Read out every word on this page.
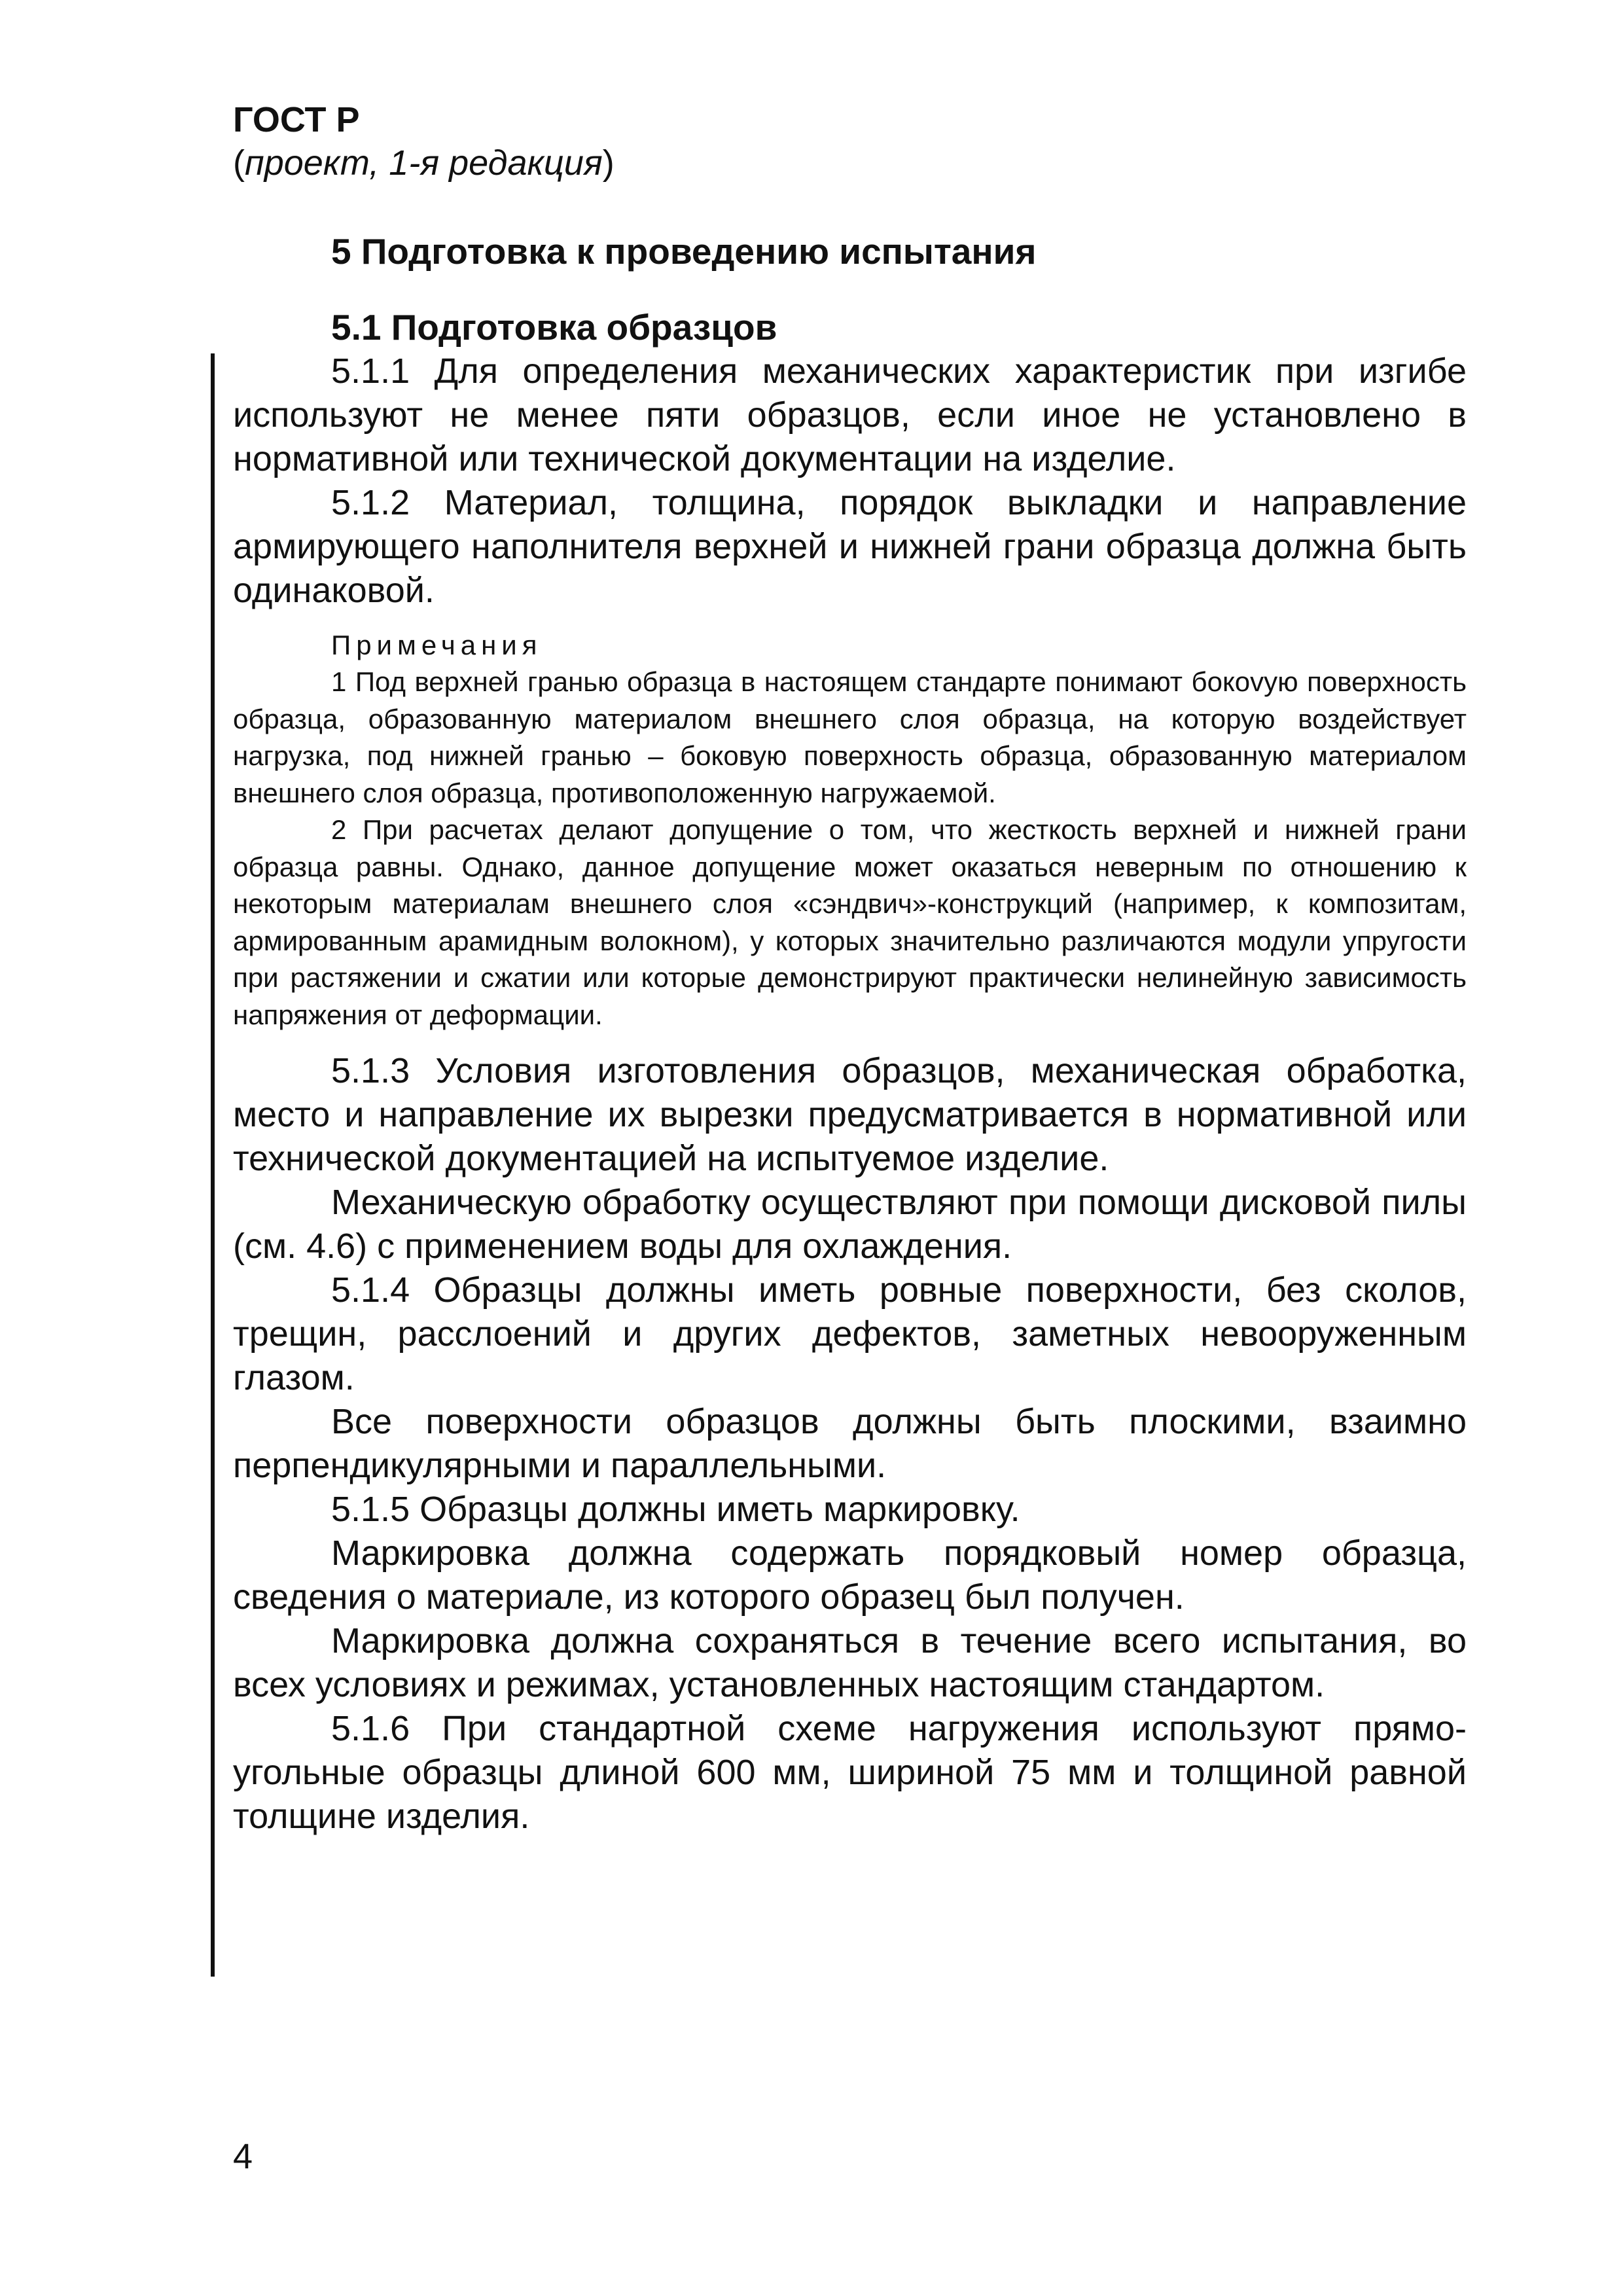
ГОСТ Р
(проект, 1-я редакция)
5 Подготовка к проведению испытания
5.1 Подготовка образцов

5.1.1 Для определения механических характеристик при изгибе используют не менее пяти образцов, если иное не установлено в нормативной или технической документации на изделие.

5.1.2 Материал, толщина, порядок выкладки и направление армирующего наполнителя верхней и нижней грани образца должна быть одинаковой.

Примечания

1 Под верхней гранью образца в настоящем стандарте понимают бокоvую поверхность образца, образованную материалом внешнего слоя образца, на которую воздействует нагрузка, под нижней гранью – боковую поверхность образца, образованную материалом внешнего слоя образца, противоположенную нагружаемой.

2 При расчетах делают допущение о том, что жесткость верхней и нижней грани образца равны. Однако, данное допущение может оказаться неверным по отношению к некоторым материалам внешнего слоя «сэндвич»-конструкций (например, к композитам, армированным арамидным волокном), у которых значительно различаются модули упругости при растяжении и сжатии или которые демонстрируют практически нелинейную зависимость напряжения от деформации.

5.1.3 Условия изготовления образцов, механическая обработка, место и направление их вырезки предусматривается в нормативной или технической документацией на испытуемое изделие.

Механическую обработку осуществляют при помощи дисковой пилы (см. 4.6) с применением воды для охлаждения.

5.1.4 Образцы должны иметь ровные поверхности, без сколов, трещин, расслоений и других дефектов, заметных невооруженным глазом.

Все поверхности образцов должны быть плоскими, взаимно перпендикулярными и параллельными.

5.1.5 Образцы должны иметь маркировку.

Маркировка должна содержать порядковый номер образца, сведения о материале, из которого образец был получен.

Маркировка должна сохраняться в течение всего испытания, во всех условиях и режимах, установленных настоящим стандартом.

5.1.6 При стандартной схеме нагружения используют прямоугольные образцы длиной 600 мм, шириной 75 мм и толщиной равной толщине изделия.

4
